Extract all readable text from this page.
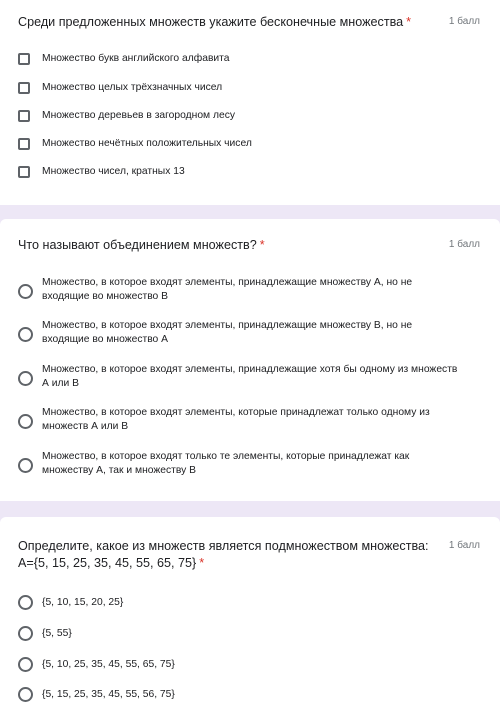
Среди предложенных множеств укажите бесконечные множества *	1 балл
Множество букв английского алфавита
Множество целых трёхзначных чисел
Множество деревьев в загородном лесу
Множество нечётных положительных чисел
Множество чисел, кратных 13
Что называют объединением множеств? *	1 балл
Множество, в которое входят элементы, принадлежащие множеству А, но не входящие во множество В
Множество, в которое входят элементы, принадлежащие множеству В, но не входящие во множество А
Множество, в которое входят элементы, принадлежащие хотя бы одному из множеств А или В
Множество, в которое входят элементы, которые принадлежат только одному из множеств А или В
Множество, в которое входят только те элементы, которые принадлежат как множеству А, так и множеству В
Определите, какое из множеств является подмножеством множества: A={5, 15, 25, 35, 45, 55, 65, 75} *
1 балл
{5, 10, 15, 20, 25}
{5, 55}
{5, 10, 25, 35, 45, 55, 65, 75}
{5, 15, 25, 35, 45, 55, 56, 75}
